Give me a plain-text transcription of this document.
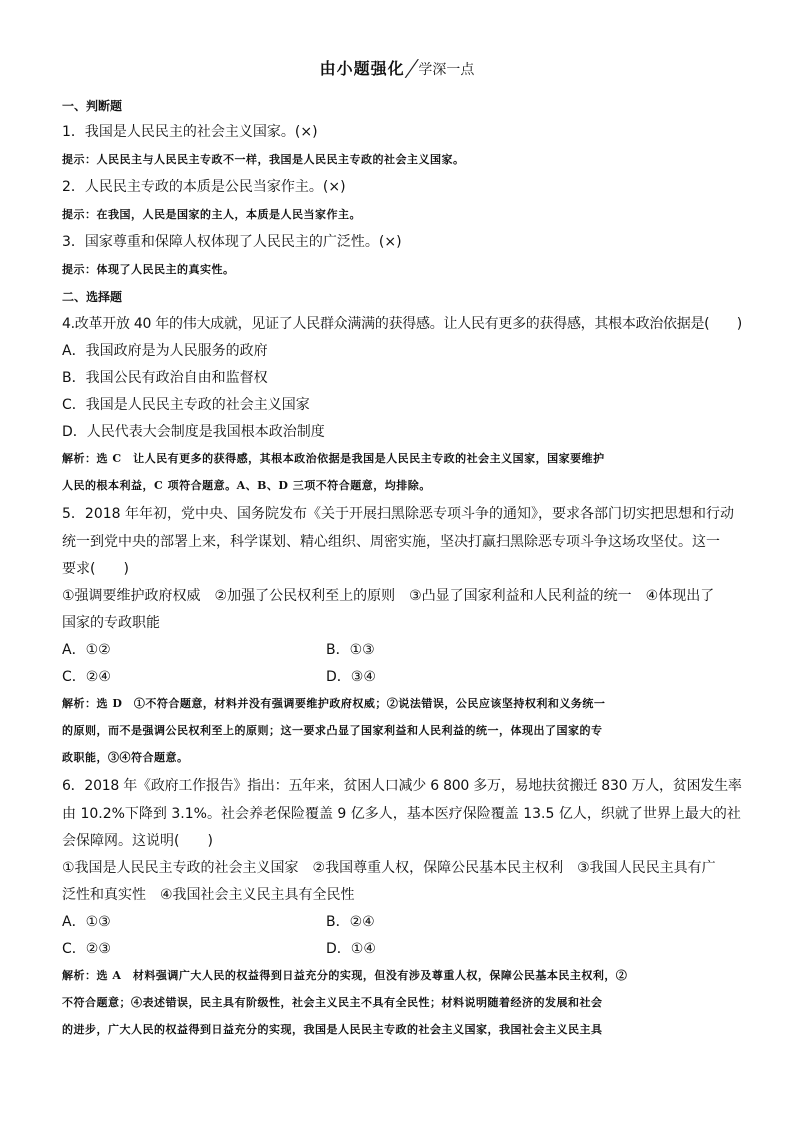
由小题强化╱学深一点
一、判断题
1．我国是人民民主的社会主义国家。(×)
提示：人民民主与人民民主专政不一样，我国是人民民主专政的社会主义国家。
2．人民民主专政的本质是公民当家作主。(×)
提示：在我国，人民是国家的主人，本质是人民当家作主。
3．国家尊重和保障人权体现了人民民主的广泛性。(×)
提示：体现了人民民主的真实性。
二、选择题
4.改革开放 40 年的伟大成就，见证了人民群众满满的获得感。让人民有更多的获得感，其根本政治依据是(　　)
A．我国政府是为人民服务的政府
B．我国公民有政治自由和监督权
C．我国是人民民主专政的社会主义国家
D．人民代表大会制度是我国根本政治制度
解析：选 C　让人民有更多的获得感，其根本政治依据是我国是人民民主专政的社会主义国家，国家要维护
人民的根本利益，C 项符合题意。A、B、D 三项不符合题意，均排除。
5．2018 年年初，党中央、国务院发布《关于开展扫黑除恶专项斗争的通知》，要求各部门切实把思想和行动
统一到党中央的部署上来，科学谋划、精心组织、周密实施，坚决打赢扫黑除恶专项斗争这场攻坚仗。这一
要求(　　)
①强调要维护政府权威　②加强了公民权利至上的原则　③凸显了国家利益和人民利益的统一　④体现出了
国家的专政职能
A．①②	B．①③
C．②④	D．③④
解析：选 D　①不符合题意，材料并没有强调要维护政府权威；②说法错误，公民应该坚持权利和义务统一
的原则，而不是强调公民权利至上的原则；这一要求凸显了国家利益和人民利益的统一，体现出了国家的专
政职能，③④符合题意。
6．2018 年《政府工作报告》指出：五年来，贫困人口减少 6 800 多万，易地扶贫搬迁 830 万人，贫困发生率
由 10.2%下降到 3.1%。社会养老保险覆盖 9 亿多人，基本医疗保险覆盖 13.5 亿人，织就了世界上最大的社
会保障网。这说明(　　)
①我国是人民民主专政的社会主义国家　②我国尊重人权，保障公民基本民主权利　③我国人民民主具有广
泛性和真实性　④我国社会主义民主具有全民性
A．①③	B．②④
C．②③	D．①④
解析：选 A　材料强调广大人民的权益得到日益充分的实现，但没有涉及尊重人权，保障公民基本民主权利，②
不符合题意；④表述错误，民主具有阶级性，社会主义民主不具有全民性；材料说明随着经济的发展和社会
的进步，广大人民的权益得到日益充分的实现，我国是人民民主专政的社会主义国家，我国社会主义民主具
